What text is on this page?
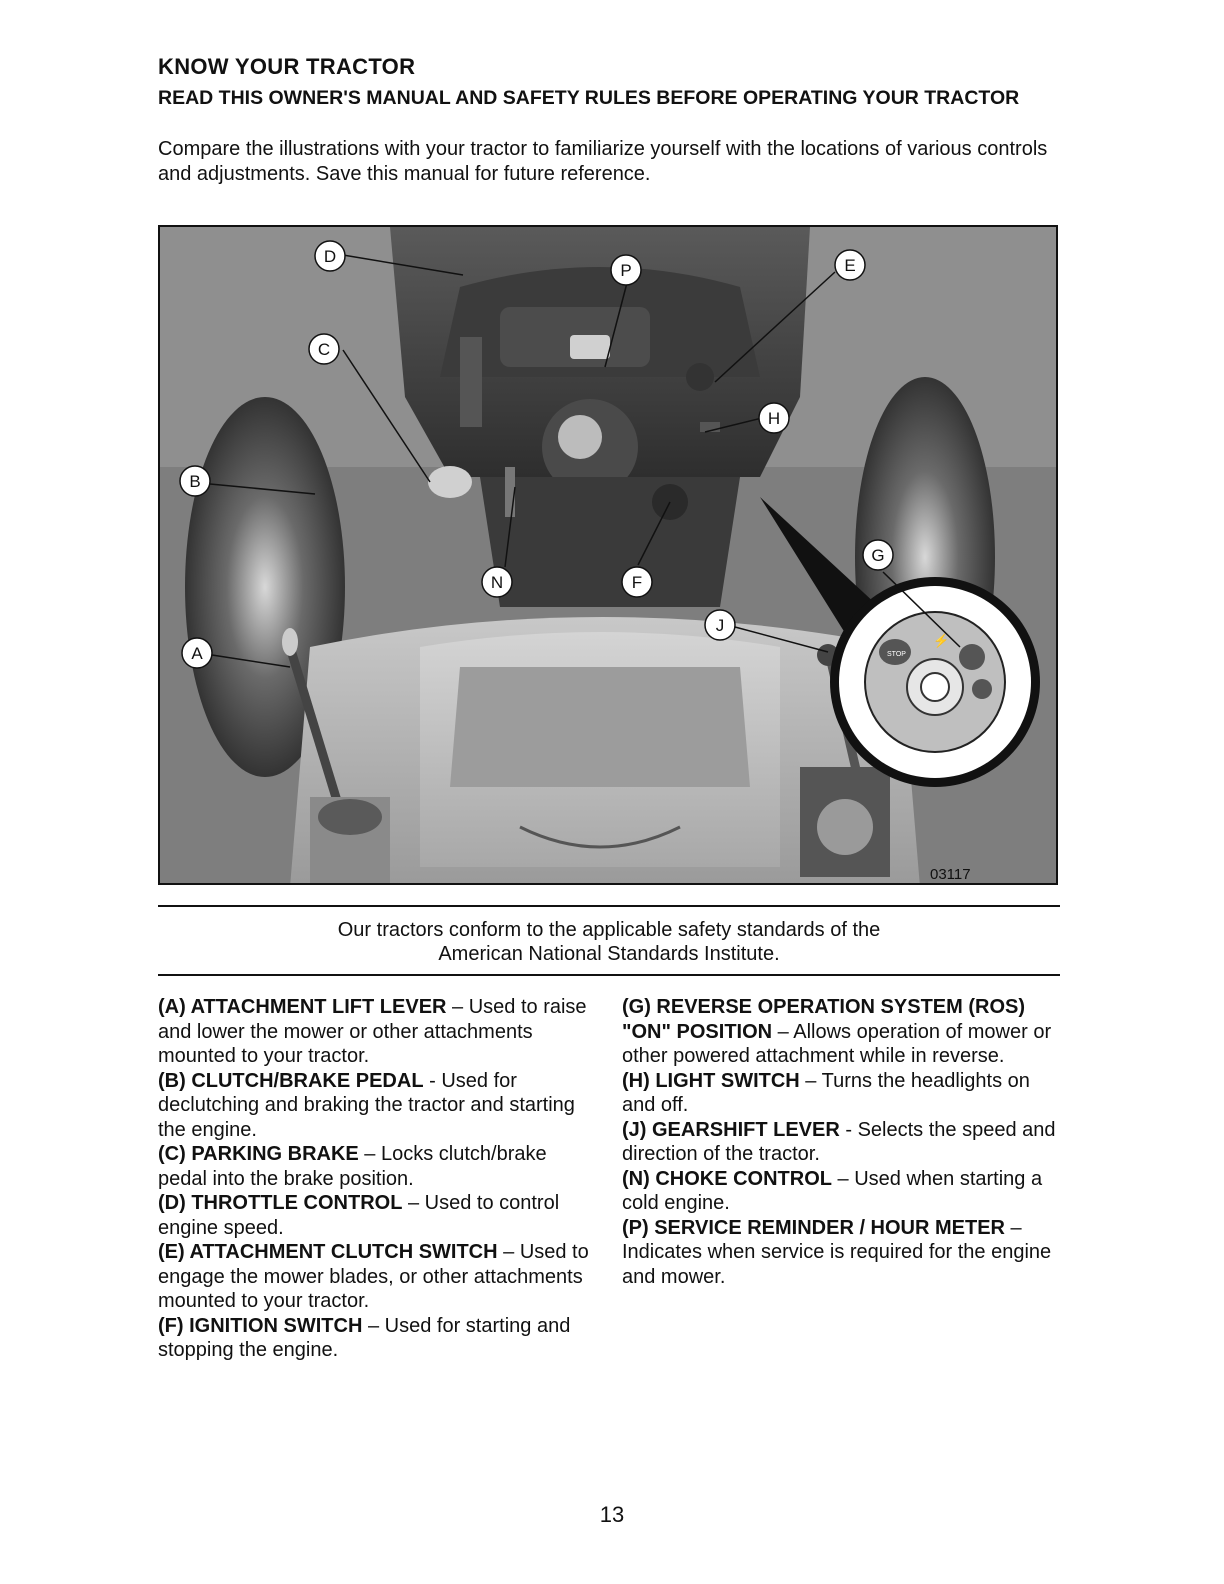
KNOW YOUR TRACTOR
READ THIS OWNER'S MANUAL AND SAFETY RULES BEFORE OPERATING YOUR TRACTOR
Compare the illustrations with your tractor to familiarize yourself with the locations of various controls and adjustments. Save this manual for future reference.
STOP
⚡
P
D	E
H
C
B
G
N	F
J
A
03117
Our tractors conform to the applicable safety standards of the
American National Standards Institute.

(A) ATTACHMENT LIFT LEVER – Used to raise and lower the mower or other attachments mounted to your tractor.

(B) CLUTCH/BRAKE PEDAL - Used for declutching and braking the tractor and starting the engine.

(C) PARKING BRAKE – Locks clutch/brake pedal into the brake position.

(D) THROTTLE CONTROL – Used to control engine speed.

(E) ATTACHMENT CLUTCH SWITCH – Used to engage the mower blades, or other attachments mounted to your tractor.

(F) IGNITION SWITCH – Used for starting and stopping the engine.

(G) REVERSE OPERATION SYSTEM (ROS) "ON" POSITION – Allows operation of mower or other powered attachment while in reverse.

(H) LIGHT SWITCH – Turns the headlights on and off.

(J) GEARSHIFT LEVER - Selects the speed and direction of the tractor.

(N) CHOKE CONTROL – Used when starting a cold engine.

(P) SERVICE REMINDER / HOUR METER – Indicates when service is required for the engine and mower.

13
